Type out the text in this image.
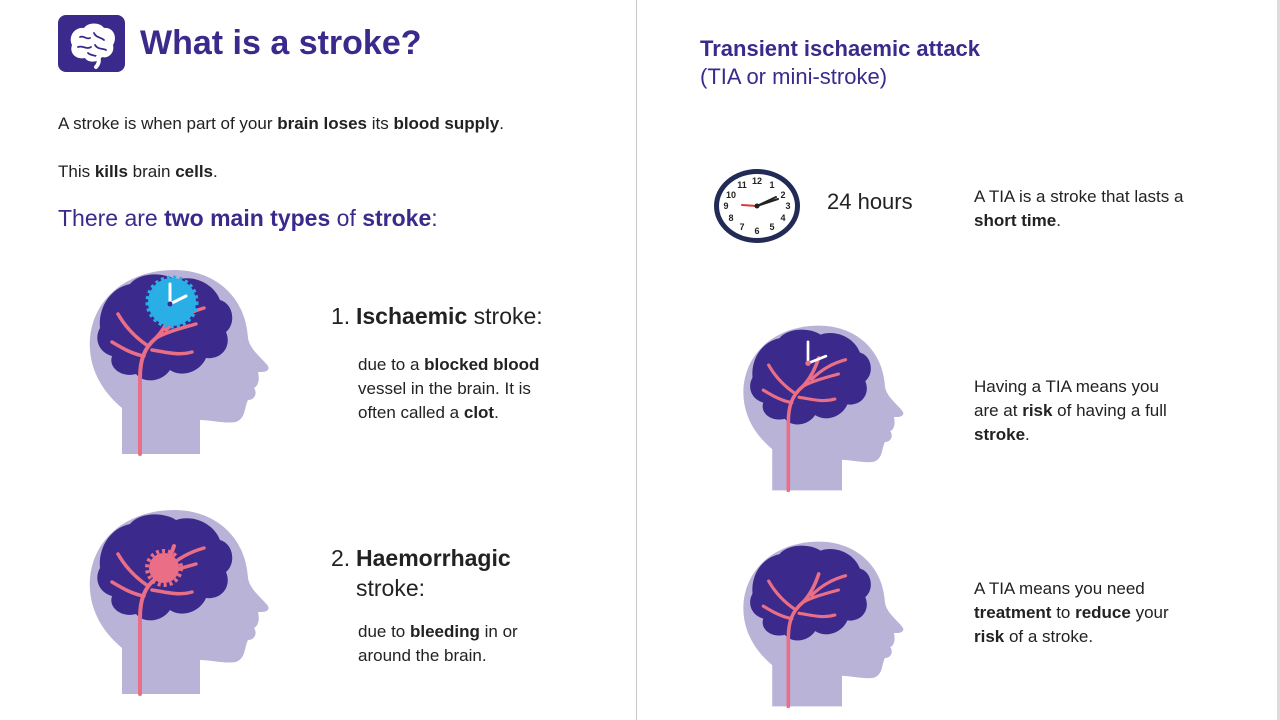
What is a stroke?
A stroke is when part of your brain loses its blood supply.
This kills brain cells.
There are two main types of stroke:
1. Ischaemic stroke:
due to a blocked blood
vessel in the brain. It is
often called a clot.
2. Haemorrhagic
stroke:
due to bleeding in or
around the brain.
Transient ischaemic attack
(TIA or mini-stroke)
12 1
2
3
4
5
6
7
8
9
10
11
24 hours	A TIA is a stroke that lasts a
short time.
Having a TIA means you
are at risk of having a full
stroke.
A TIA means you need
treatment to reduce your
risk of a stroke.
